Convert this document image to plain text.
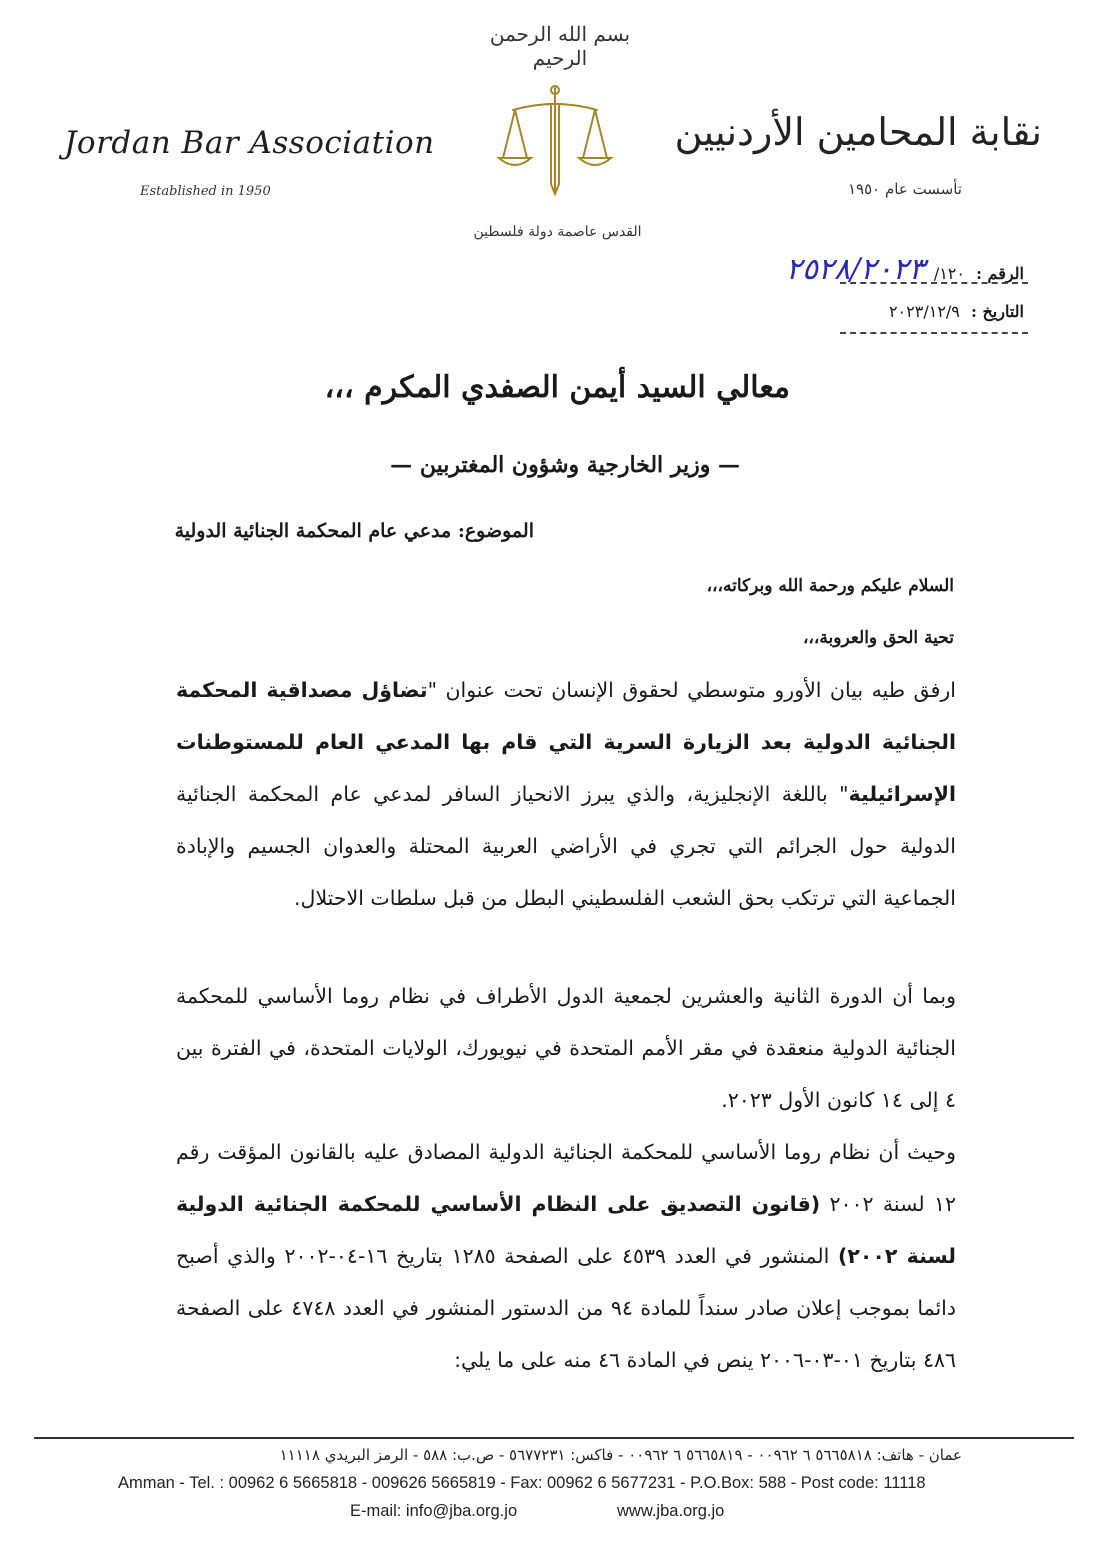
بسم الله الرحمن الرحيم
Jordan Bar Association
Established in 1950
نقابة المحامين الأردنيين
تأسست عام ١٩٥٠
القدس عاصمة دولة فلسطين
الرقم : ١٢٠/ ٢٥٢٨/٢٠٢٣
التاريخ : ٢٠٢٣/١٢/٩
معالي السيد أيمن الصفدي المكرم ،،،
— وزير الخارجية وشؤون المغتربين —
الموضوع: مدعي عام المحكمة الجنائية الدولية
السلام عليكم ورحمة الله وبركاته،،،
تحية الحق والعروبة،،،
ارفق طيه بيان الأورو متوسطي لحقوق الإنسان تحت عنوان "تضاؤل مصداقية المحكمة الجنائية الدولية بعد الزيارة السرية التي قام بها المدعي العام للمستوطنات الإسرائيلية" باللغة الإنجليزية، والذي يبرز الانحياز السافر لمدعي عام المحكمة الجنائية الدولية حول الجرائم التي تجري في الأراضي العربية المحتلة والعدوان الجسيم والإبادة الجماعية التي ترتكب بحق الشعب الفلسطيني البطل من قبل سلطات الاحتلال.
وبما أن الدورة الثانية والعشرين لجمعية الدول الأطراف في نظام روما الأساسي للمحكمة الجنائية الدولية منعقدة في مقر الأمم المتحدة في نيويورك، الولايات المتحدة، في الفترة بين ٤ إلى ١٤ كانون الأول ٢٠٢٣.
وحيث أن نظام روما الأساسي للمحكمة الجنائية الدولية المصادق عليه بالقانون المؤقت رقم ١٢ لسنة ٢٠٠٢ (قانون التصديق على النظام الأساسي للمحكمة الجنائية الدولية لسنة ٢٠٠٢) المنشور في العدد ٤٥٣٩ على الصفحة ١٢٨٥ بتاريخ ١٦-٠٤-٢٠٠٢ والذي أصبح دائما بموجب إعلان صادر سنداً للمادة ٩٤ من الدستور المنشور في العدد ٤٧٤٨ على الصفحة ٤٨٦ بتاريخ ٠١-٠٣-٢٠٠٦ ينص في المادة ٤٦ منه على ما يلي:
عمان - هاتف: ٥٦٦٥٨١٨ ٦ ٠٠٩٦٢ - ٥٦٦٥٨١٩ ٦ ٠٠٩٦٢ - فاكس: ٥٦٧٧٢٣١ - ص.ب: ٥٨٨ - الرمز البريدي ١١١١٨
Amman - Tel. : 00962 6 5665818 - 009626 5665819 - Fax: 00962 6 5677231 - P.O.Box: 588 - Post code: 11118
E-mail: info@jba.org.jo	www.jba.org.jo
